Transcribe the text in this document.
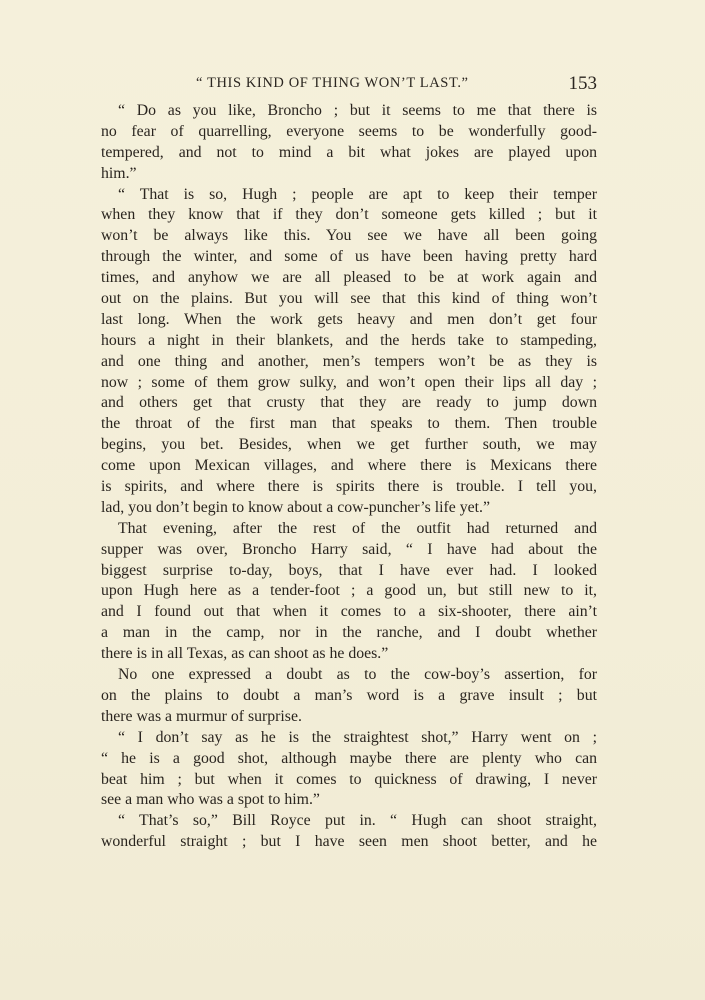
“ THIS KIND OF THING WON’T LAST.”	153
“ Do as you like, Broncho ; but it seems to me that there is
no fear of quarrelling, everyone seems to be wonderfully good-
tempered, and not to mind a bit what jokes are played upon
him.”
“ That is so, Hugh ; people are apt to keep their temper
when they know that if they don’t someone gets killed ; but it
won’t be always like this. You see we have all been going
through the winter, and some of us have been having pretty hard
times, and anyhow we are all pleased to be at work again and
out on the plains. But you will see that this kind of thing won’t
last long. When the work gets heavy and men don’t get four
hours a night in their blankets, and the herds take to stampeding,
and one thing and another, men’s tempers won’t be as they is
now ; some of them grow sulky, and won’t open their lips all day ;
and others get that crusty that they are ready to jump down
the throat of the first man that speaks to them. Then trouble
begins, you bet. Besides, when we get further south, we may
come upon Mexican villages, and where there is Mexicans there
is spirits, and where there is spirits there is trouble. I tell you,
lad, you don’t begin to know about a cow-puncher’s life yet.”
That evening, after the rest of the outfit had returned and
supper was over, Broncho Harry said, “ I have had about the
biggest surprise to-day, boys, that I have ever had. I looked
upon Hugh here as a tender-foot ; a good un, but still new to it,
and I found out that when it comes to a six-shooter, there ain’t
a man in the camp, nor in the ranche, and I doubt whether
there is in all Texas, as can shoot as he does.”
No one expressed a doubt as to the cow-boy’s assertion, for
on the plains to doubt a man’s word is a grave insult ; but
there was a murmur of surprise.
“ I don’t say as he is the straightest shot,” Harry went on ;
“ he is a good shot, although maybe there are plenty who can
beat him ; but when it comes to quickness of drawing, I never
see a man who was a spot to him.”
“ That’s so,” Bill Royce put in. “ Hugh can shoot straight,
wonderful straight ; but I have seen men shoot better, and he
